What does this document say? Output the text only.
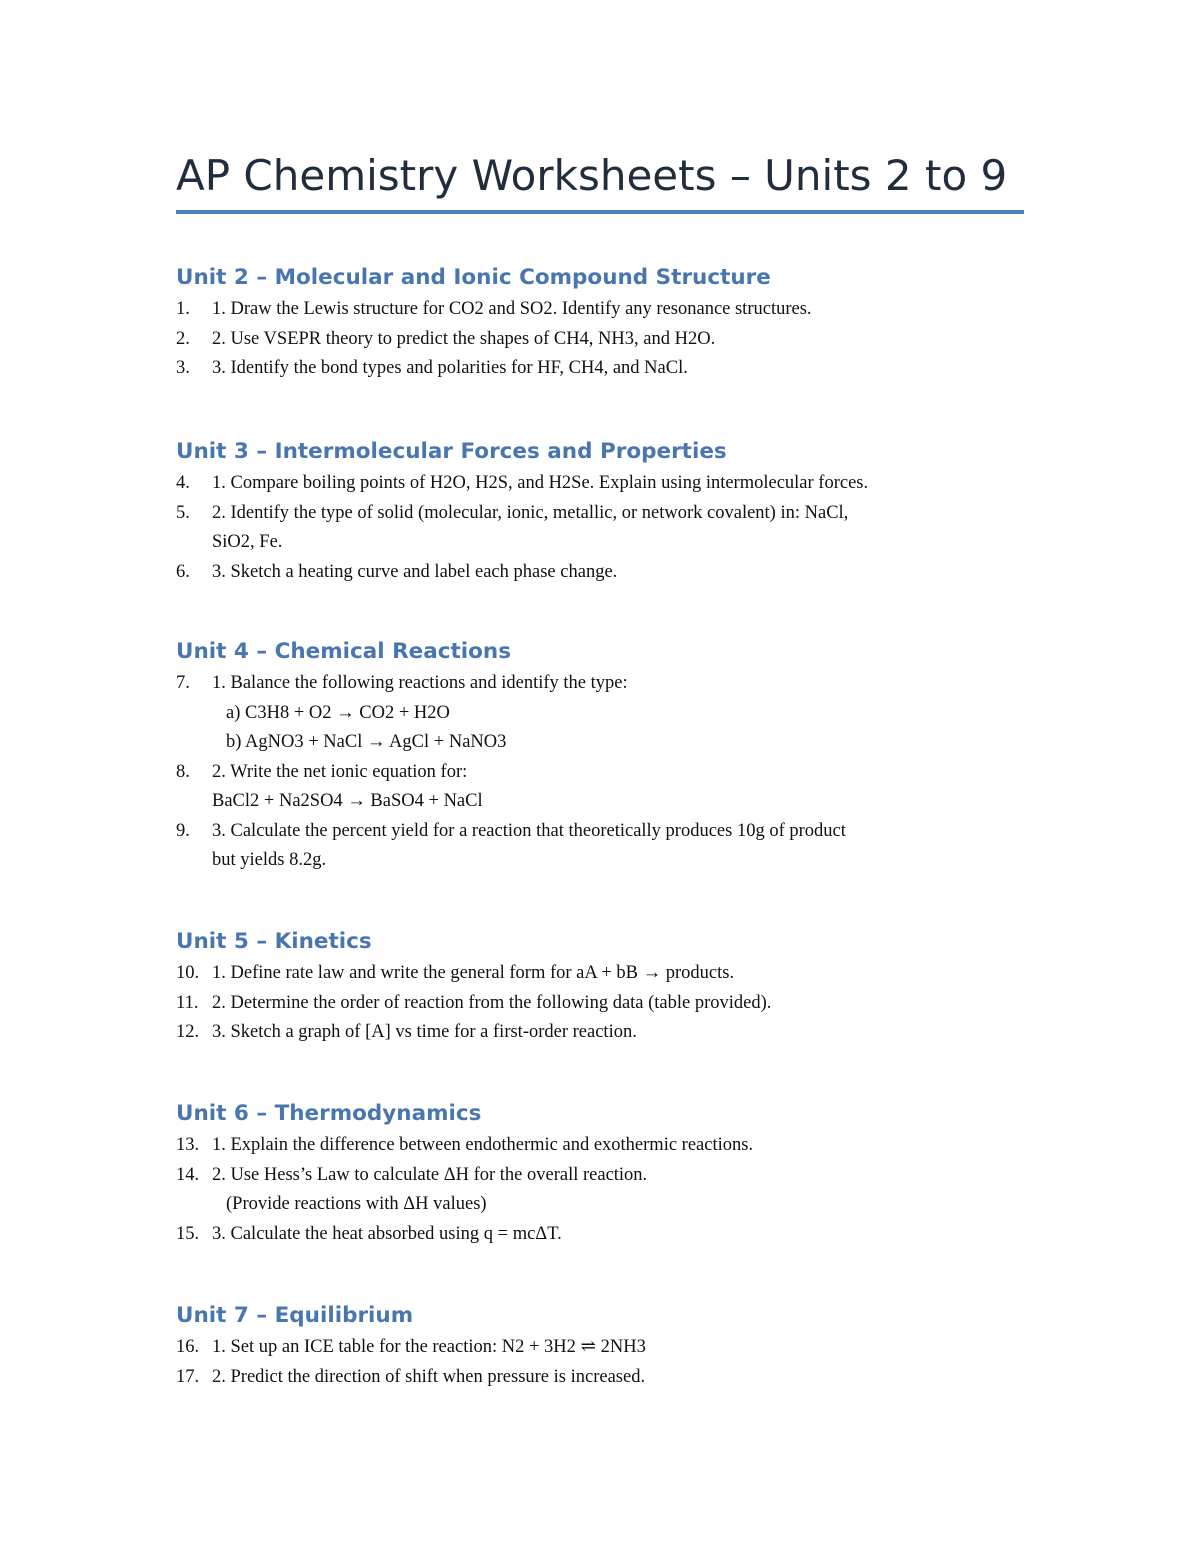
AP Chemistry Worksheets – Units 2 to 9
Unit 2 – Molecular and Ionic Compound Structure
1. 1. Draw the Lewis structure for CO2 and SO2. Identify any resonance structures.
2. 2. Use VSEPR theory to predict the shapes of CH4, NH3, and H2O.
3. 3. Identify the bond types and polarities for HF, CH4, and NaCl.
Unit 3 – Intermolecular Forces and Properties
4. 1. Compare boiling points of H2O, H2S, and H2Se. Explain using intermolecular forces.
5. 2. Identify the type of solid (molecular, ionic, metallic, or network covalent) in: NaCl,
SiO2, Fe.
6. 3. Sketch a heating curve and label each phase change.
Unit 4 – Chemical Reactions
7. 1. Balance the following reactions and identify the type:
a) C3H8 + O2 → CO2 + H2O
b) AgNO3 + NaCl → AgCl + NaNO3
8. 2. Write the net ionic equation for:
BaCl2 + Na2SO4 → BaSO4 + NaCl
9. 3. Calculate the percent yield for a reaction that theoretically produces 10g of product
but yields 8.2g.
Unit 5 – Kinetics
10. 1. Define rate law and write the general form for aA + bB → products.
11. 2. Determine the order of reaction from the following data (table provided).
12. 3. Sketch a graph of [A] vs time for a first-order reaction.
Unit 6 – Thermodynamics
13. 1. Explain the difference between endothermic and exothermic reactions.
14. 2. Use Hess’s Law to calculate ΔH for the overall reaction.
(Provide reactions with ΔH values)
15. 3. Calculate the heat absorbed using q = mcΔT.
Unit 7 – Equilibrium
16. 1. Set up an ICE table for the reaction: N2 + 3H2 ⇌ 2NH3
17. 2. Predict the direction of shift when pressure is increased.
